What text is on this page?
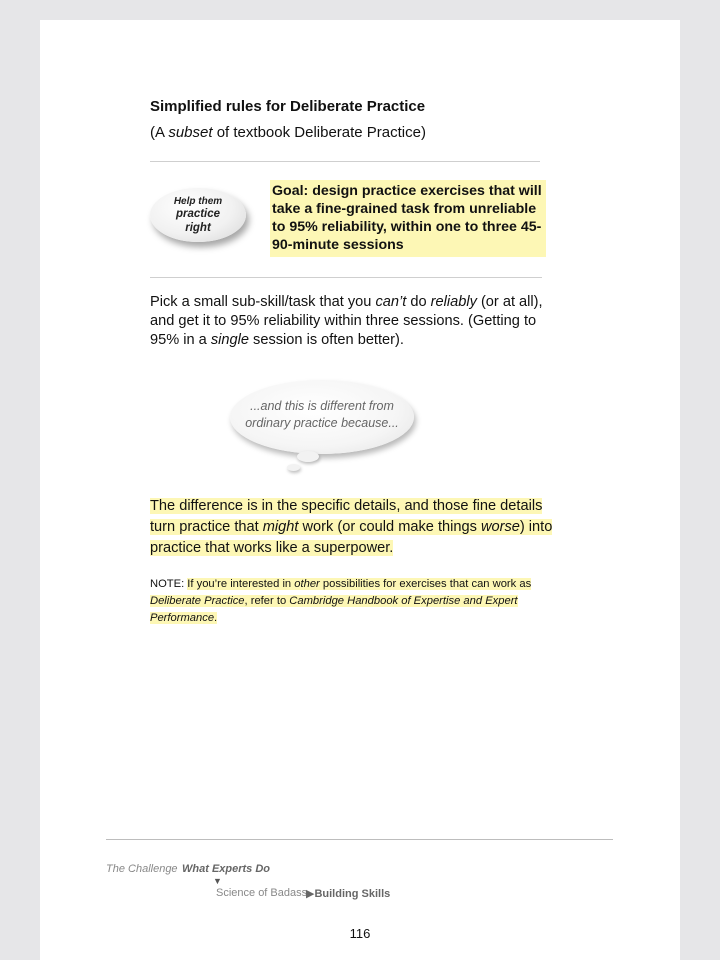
Simplified rules for Deliberate Practice
(A subset of textbook Deliberate Practice)
Help them
practice
right
Goal: design practice exercises that will take a fine-grained task from unreliable to 95% reliability, within one to three 45-90-minute sessions
Pick a small sub-skill/task that you can’t do reliably (or at all), and get it to 95% reliability within three sessions. (Getting to 95% in a single session is often better).
...and this is different from
ordinary practice because...
The difference is in the specific details, and those fine details turn practice that might work (or could make things worse) into practice that works like a superpower.
NOTE: If you’re interested in other possibilities for exercises that can work as Deliberate Practice, refer to Cambridge Handbook of Expertise and Expert Performance.
The Challenge What Experts Do
▼
Science of Badass
▶Building Skills
116
